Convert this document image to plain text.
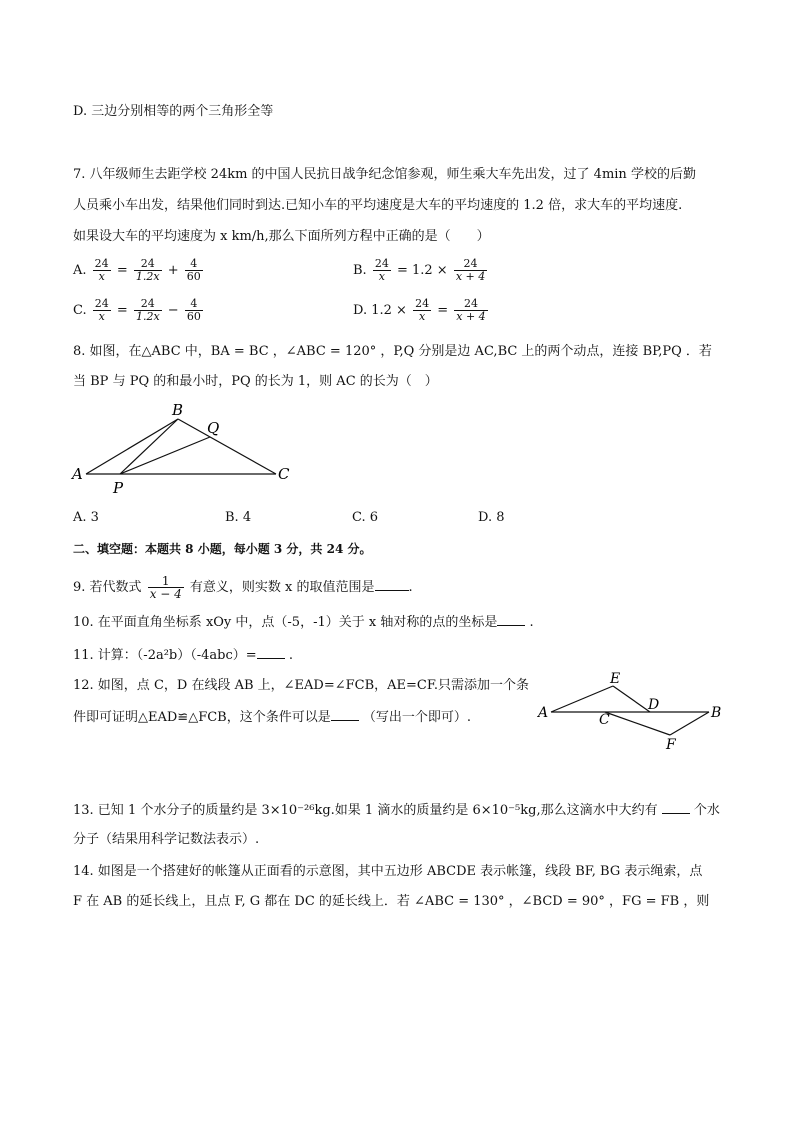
D. 三边分别相等的两个三角形全等
7. 八年级师生去距学校 24km 的中国人民抗日战争纪念馆参观，师生乘大车先出发，过了 4min 学校的后勤
人员乘小车出发，结果他们同时到达.已知小车的平均速度是大车的平均速度的 1.2 倍，求大车的平均速度.
如果设大车的平均速度为 x km/h,那么下面所列方程中正确的是（　　）
A. $\frac{24}{x} = \frac{24}{1.2x} + \frac{4}{60}$	B. $\frac{24}{x} = 1.2 \times \frac{24}{x + 4}$
C. $\frac{24}{x} = \frac{24}{1.2x} - \frac{4}{60}$	D. $1.2 \times \frac{24}{x} = \frac{24}{x + 4}$
8. 如图，在△ABC 中，BA = BC ，∠ABC = 120° ，P,Q 分别是边 AC,BC 上的两个动点，连接 BP,PQ ．若
当 BP 与 PQ 的和最小时，PQ 的长为 1，则 AC 的长为（　）
A
B
C
P
Q
A. 3	B. 4	C. 6	D. 8
二、填空题：本题共 8 小题，每小题 3 分，共 24 分。
9. 若代数式 $\frac{1}{x - 4}$ 有意义，则实数 x 的取值范围是	.
10. 在平面直角坐标系 xOy 中，点（-5，-1）关于 x 轴对称的点的坐标是 .
11. 计算：（-2a²b）（-4abc）= .
12. 如图，点 C，D 在线段 AB 上，∠EAD=∠FCB，AE=CF.只需添加一个条
件即可证明△EAD≌△FCB，这个条件可以是 （写出一个即可）.	A
E
D
C	B
F
13. 已知 1 个水分子的质量约是 3×10⁻²⁶kg.如果 1 滴水的质量约是 6×10⁻⁵kg,那么这滴水中大约有	个水
分子（结果用科学记数法表示）.
14. 如图是一个搭建好的帐篷从正面看的示意图，其中五边形 ABCDE 表示帐篷，线段 BF, BG 表示绳索，点
F 在 AB 的延长线上，且点 F, G 都在 DC 的延长线上．若 ∠ABC = 130° ，∠BCD = 90° ，FG = FB ，则
